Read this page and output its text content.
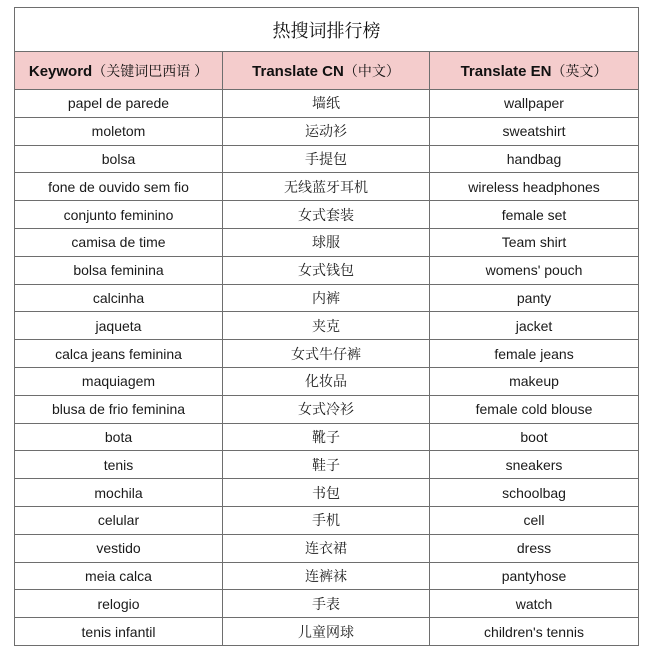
热搜词排行榜		
Keyword（关键词巴西语 ）	Translate CN（中文）	Translate EN（英文）
papel de parede	墙纸	wallpaper
moletom	运动衫	sweatshirt
bolsa	手提包	handbag
fone de ouvido sem fio	无线蓝牙耳机	wireless headphones
conjunto feminino	女式套装	female set
camisa de time	球服	Team shirt
bolsa feminina	女式钱包	womens' pouch
calcinha	内裤	panty
jaqueta	夹克	jacket
calca jeans feminina	女式牛仔裤	female jeans
maquiagem	化妆品	makeup
blusa de frio feminina	女式冷衫	female cold blouse
bota	靴子	boot
tenis	鞋子	sneakers
mochila	书包	schoolbag
celular	手机	cell
vestido	连衣裙	dress
meia calca	连裤袜	pantyhose
relogio	手表	watch
tenis infantil	儿童网球	children's tennis
